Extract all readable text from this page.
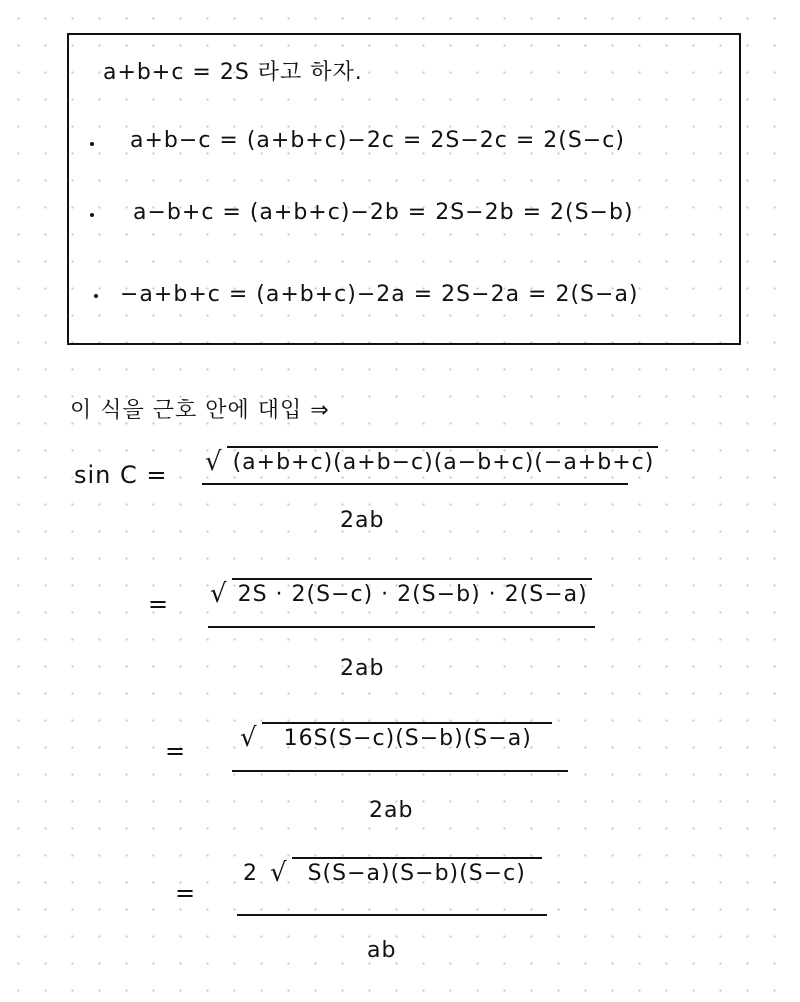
a+b+c = 2S 라고 하자.
a+b−c = (a+b+c)−2c = 2S−2c = 2(S−c)
a−b+c = (a+b+c)−2b = 2S−2b = 2(S−b)
−a+b+c = (a+b+c)−2a = 2S−2a = 2(S−a)
이 식을 근호 안에 대입 ⇒
sin C = √ (a+b+c)(a+b−c)(a−b+c)(−a+b+c)
2ab
= √ 2S · 2(S−c) · 2(S−b) · 2(S−a)
2ab
= √	16S(S−c)(S−b)(S−a)
2ab
=
2 √ S(S−a)(S−b)(S−c)
ab
